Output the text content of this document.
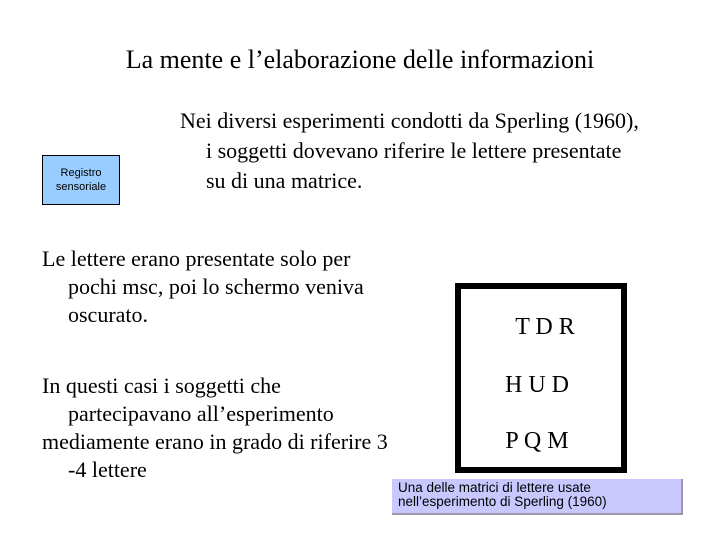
La mente e l’elaborazione delle informazioni
Registro
sensoriale
Nei diversi esperimenti condotti da Sperling (1960),
i soggetti dovevano riferire le lettere presentate
su di una matrice.
Le lettere erano presentate solo per
pochi msc, poi lo schermo veniva
oscurato.
In questi casi i soggetti che
partecipavano all’esperimento
mediamente erano in grado di riferire 3
-4 lettere
T D R
H U D
P Q M
Una delle matrici di lettere usate
nell’esperimento di Sperling (1960)
